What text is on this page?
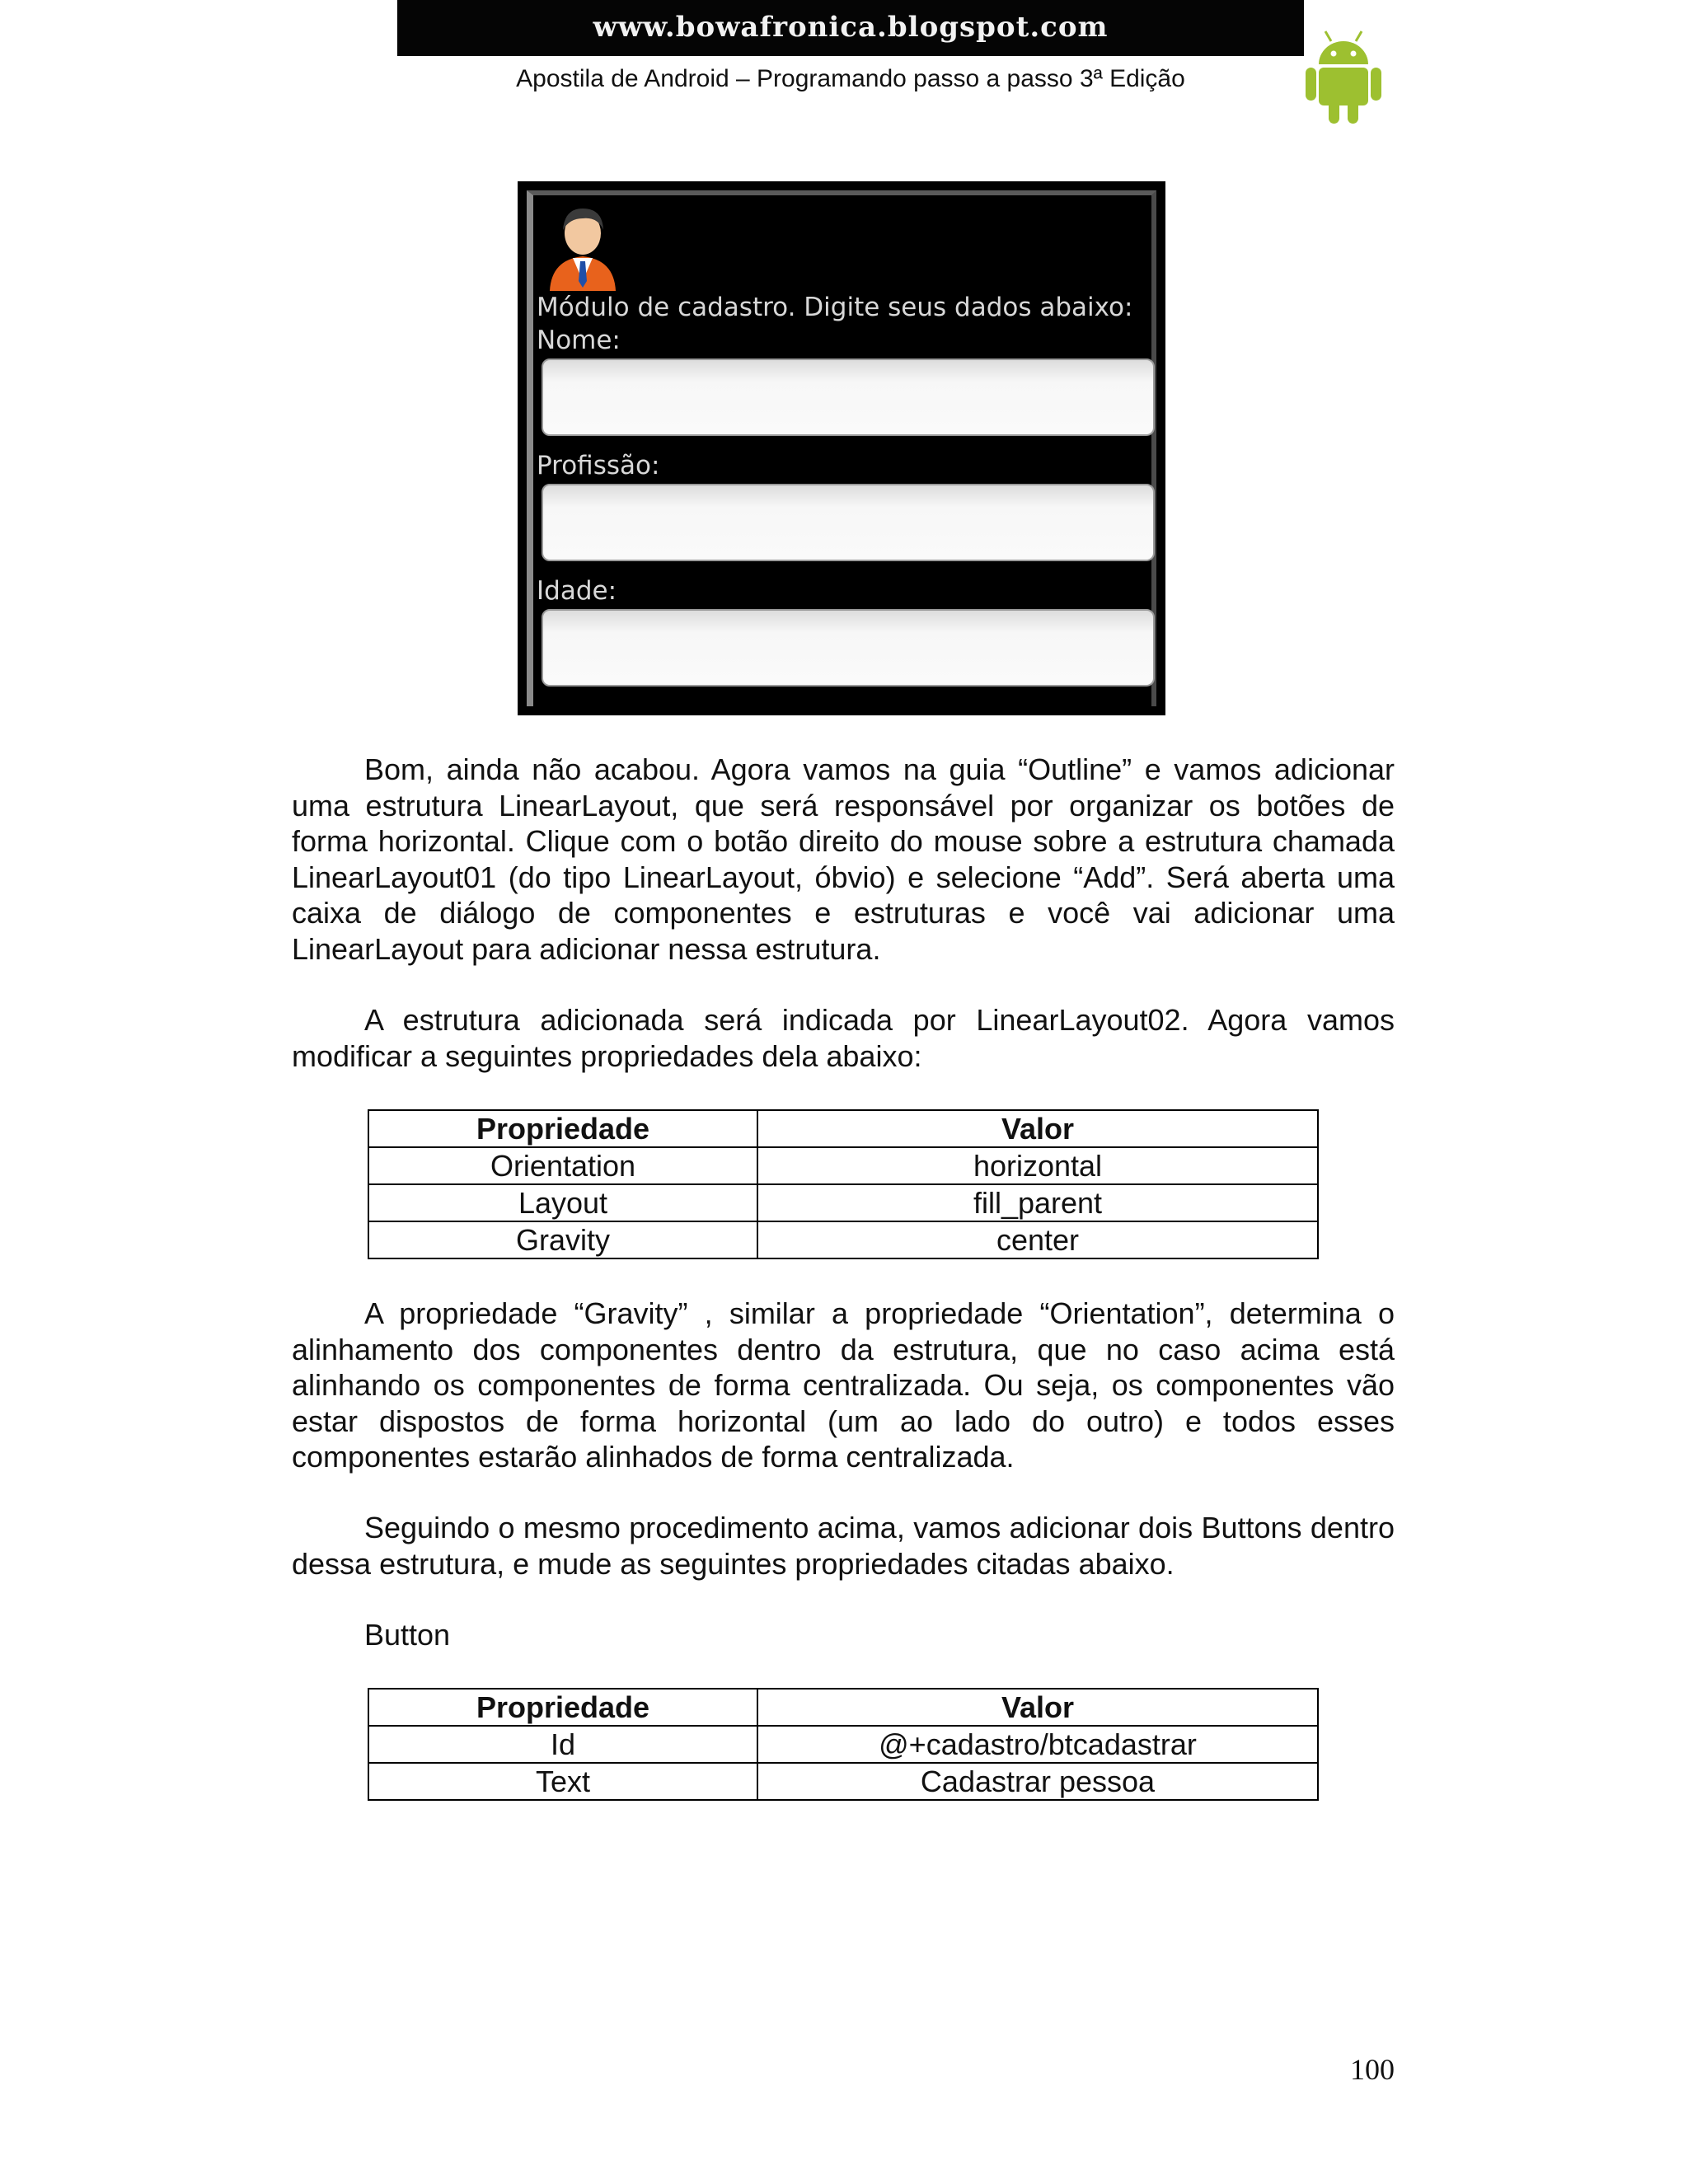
www.bowafronica.blogspot.com
Apostila de Android – Programando passo a passo 3ª Edição
Módulo de cadastro. Digite seus dados abaixo:
Nome:
Profissão:
Idade:

Bom, ainda não acabou. Agora vamos na guia “Outline” e vamos adicionar uma estrutura LinearLayout, que será responsável por organizar os botões de forma horizontal. Clique com o botão direito do mouse sobre a estrutura chamada LinearLayout01 (do tipo LinearLayout, óbvio) e selecione “Add”. Será aberta uma caixa de diálogo de componentes e estruturas e você vai adicionar uma LinearLayout para adicionar nessa estrutura.

A estrutura adicionada será indicada por LinearLayout02. Agora vamos modificar a seguintes propriedades dela abaixo:

Propriedade	Valor
Orientation	horizontal
Layout	fill_parent
Gravity	center

A propriedade “Gravity” , similar a propriedade “Orientation”, determina o alinhamento dos componentes dentro da estrutura, que no caso acima está alinhando os componentes de forma centralizada. Ou seja, os componentes vão estar dispostos de forma horizontal (um ao lado do outro) e todos esses componentes estarão alinhados de forma centralizada.

Seguindo o mesmo procedimento acima, vamos adicionar dois Buttons dentro dessa estrutura, e mude as seguintes propriedades citadas abaixo.

Button

Propriedade	Valor
Id	@+cadastro/btcadastrar
Text	Cadastrar pessoa
100
